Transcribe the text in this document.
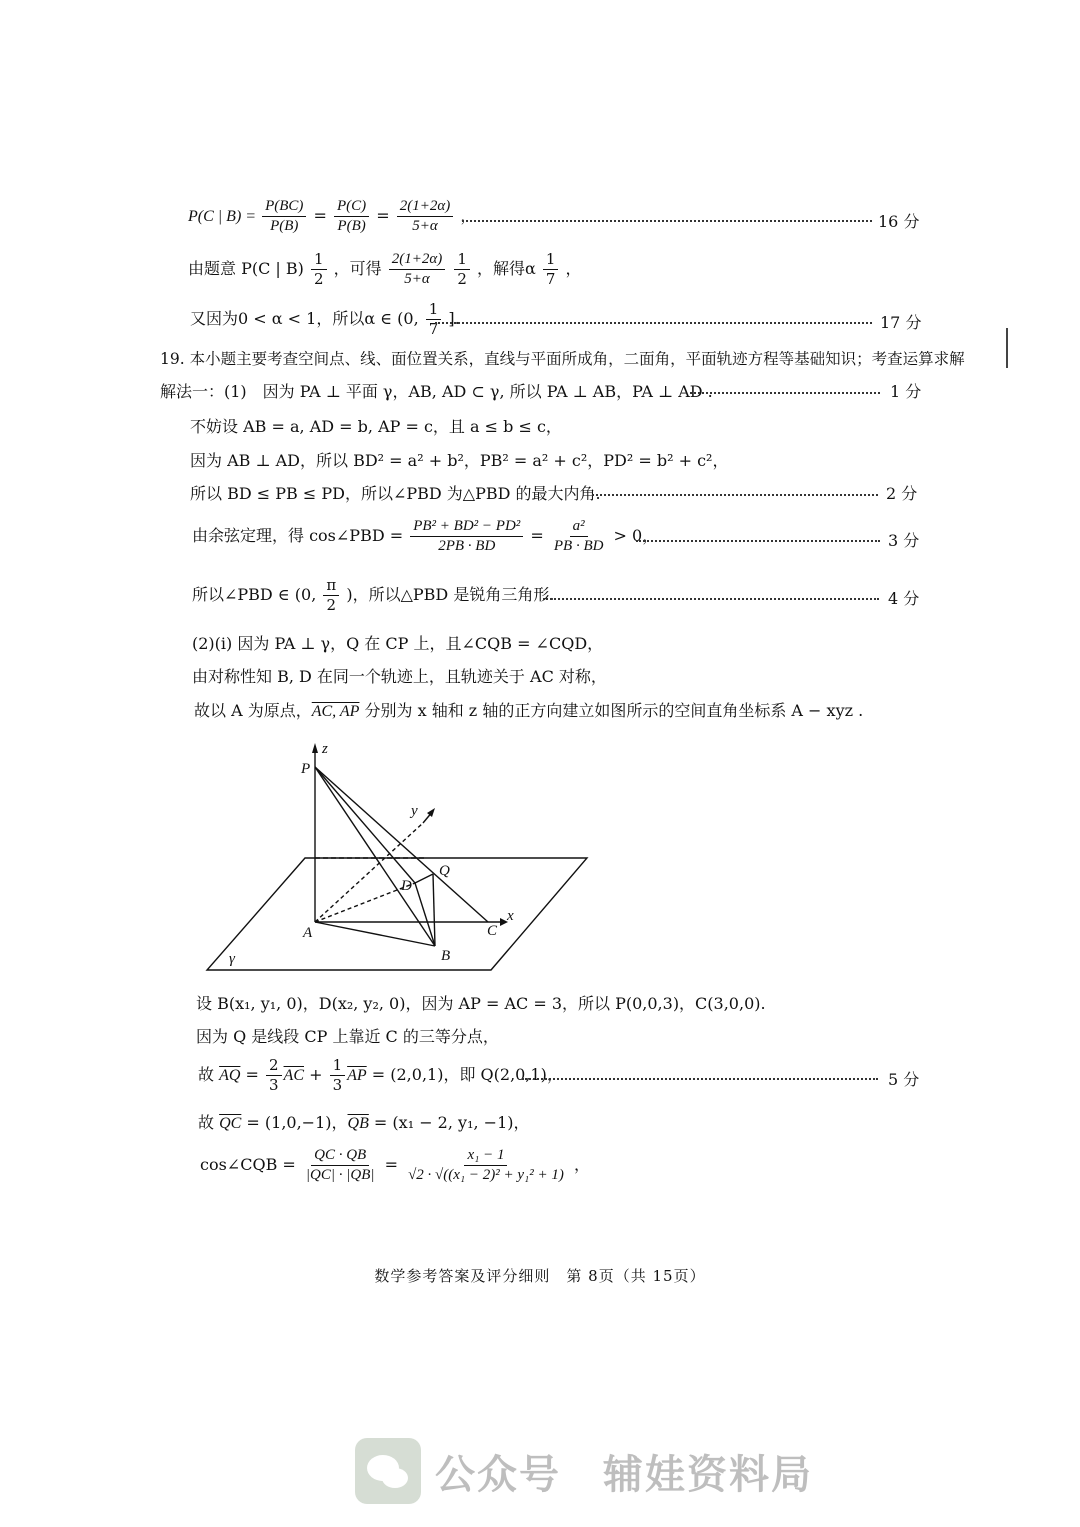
P(C | $B) = \frac{P(BC)}{P(B)} = \frac{P(C)}{P(B)} = \frac{2(1+2\alpha)}{5+\alpha}$ ，	16 分
由题意 P(C | $B) \frac{1}{2}$ ，可得 $\frac{2(1+2\alpha)}{5+\alpha}$
$\frac{1}{2}$ ，解得α $\frac{1}{7}$ ，
又因为0 < α < 1，所以α ∈ (0, $\frac{1}{7}$ ].	17 分
19. 本小题主要考查空间点、线、面位置关系，直线与平面所成角，二面角，平面轨迹方程等基础知识；考查运算求解
解法一：(1)　因为 PA ⊥ 平面 γ，AB, AD ⊂ γ, 所以 PA ⊥ AB，PA ⊥ AD .	1 分
不妨设 AB = a, AD = b, AP = c，且 a ≤ b ≤ c，
因为 AB ⊥ AD，所以 BD² = a² + b²，PB² = a² + c²，PD² = b² + c²，
所以 BD ≤ PB ≤ PD，所以∠PBD 为△PBD 的最大内角.	2 分
由余弦定理，得 cos∠PBD = $\frac{\text{PB² + BD² − PD²}}{2PB \cdot BD} = \frac{\text{a²}}{PB \cdot BD} > 0$，	3 分
所以∠PBD ∈ (0, $\frac{\pi}{2}$ )，所以△PBD 是锐角三角形.	4 分
(2)(i) 因为 PA ⊥ γ，Q 在 CP 上，且∠CQB = ∠CQD，
由对称性知 B, D 在同一个轨迹上，且轨迹关于 AC 对称，
故以 A 为原点，AC, AP 分别为 x 轴和 z 轴的正方向建立如图所示的空间直角坐标系 A − xyz .
z
P
y
Q
D
x
A	C
B
γ
设 B(x₁, y₁, 0)，D(x₂, y₂, 0)，因为 AP = AC = 3，所以 P(0,0,3)，C(3,0,0).
因为 Q 是线段 CP 上靠近 C 的三等分点，
故 $\overline{AQ} = \frac{2}{3} \overline{AC} + \frac{1}{3} \overline{AP} = (2,0,1)$，即 Q(2,0,1)，	5 分
故 $\overline{QC} = (1,0,-1)$，$\overline{QB} = (x_1 - 2$, y₁, −1)，
cos∠CQB = $\frac{QC \cdot QB}{|QC| \cdot |QB|} = \frac{\text{x₁ − 1}}{\text{√2 · √((x₁ − 2)² + y₁² + 1)}}$ ，
数学参考答案及评分细则　第 8页（共 15页）
公众号　辅娃资料局
